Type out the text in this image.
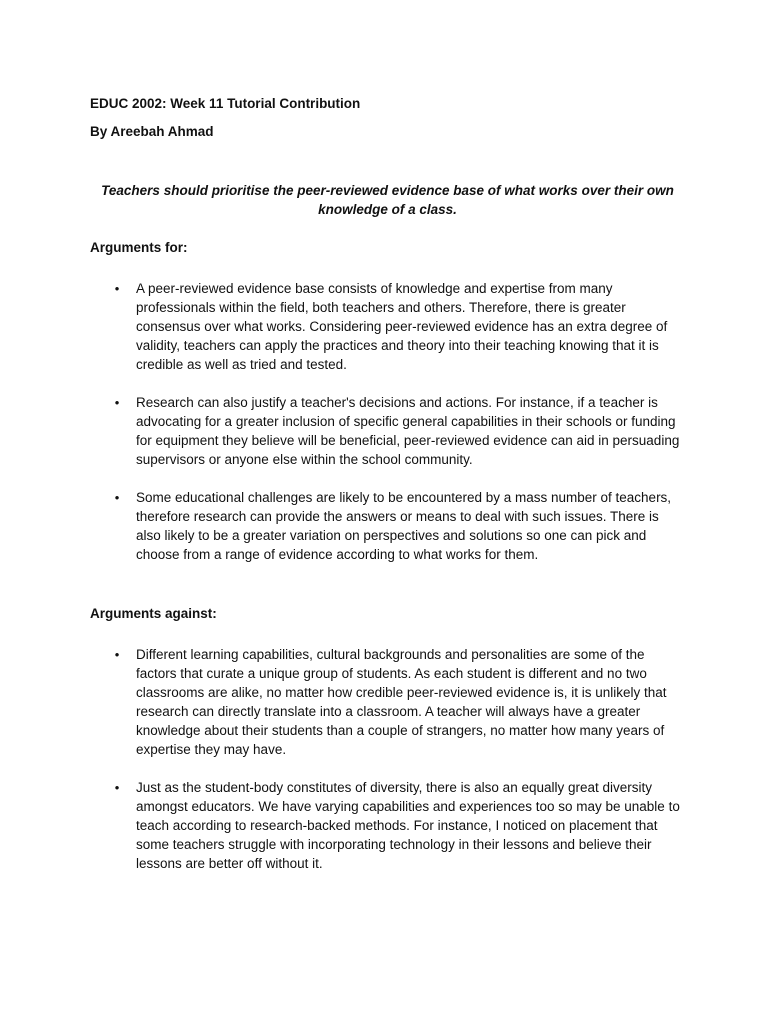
EDUC 2002: Week 11 Tutorial Contribution

By Areebah Ahmad

Teachers should prioritise the peer-reviewed evidence base of what works over their own knowledge of a class.

Arguments for:

• A peer-reviewed evidence base consists of knowledge and expertise from many professionals within the field, both teachers and others. Therefore, there is greater consensus over what works. Considering peer-reviewed evidence has an extra degree of validity, teachers can apply the practices and theory into their teaching knowing that it is credible as well as tried and tested.
• Research can also justify a teacher's decisions and actions. For instance, if a teacher is advocating for a greater inclusion of specific general capabilities in their schools or funding for equipment they believe will be beneficial, peer-reviewed evidence can aid in persuading supervisors or anyone else within the school community.
• Some educational challenges are likely to be encountered by a mass number of teachers, therefore research can provide the answers or means to deal with such issues. There is also likely to be a greater variation on perspectives and solutions so one can pick and choose from a range of evidence according to what works for them.

Arguments against:

• Different learning capabilities, cultural backgrounds and personalities are some of the factors that curate a unique group of students. As each student is different and no two classrooms are alike, no matter how credible peer-reviewed evidence is, it is unlikely that research can directly translate into a classroom. A teacher will always have a greater knowledge about their students than a couple of strangers, no matter how many years of expertise they may have.
• Just as the student-body constitutes of diversity, there is also an equally great diversity amongst educators. We have varying capabilities and experiences too so may be unable to teach according to research-backed methods. For instance, I noticed on placement that some teachers struggle with incorporating technology in their lessons and believe their lessons are better off without it.
